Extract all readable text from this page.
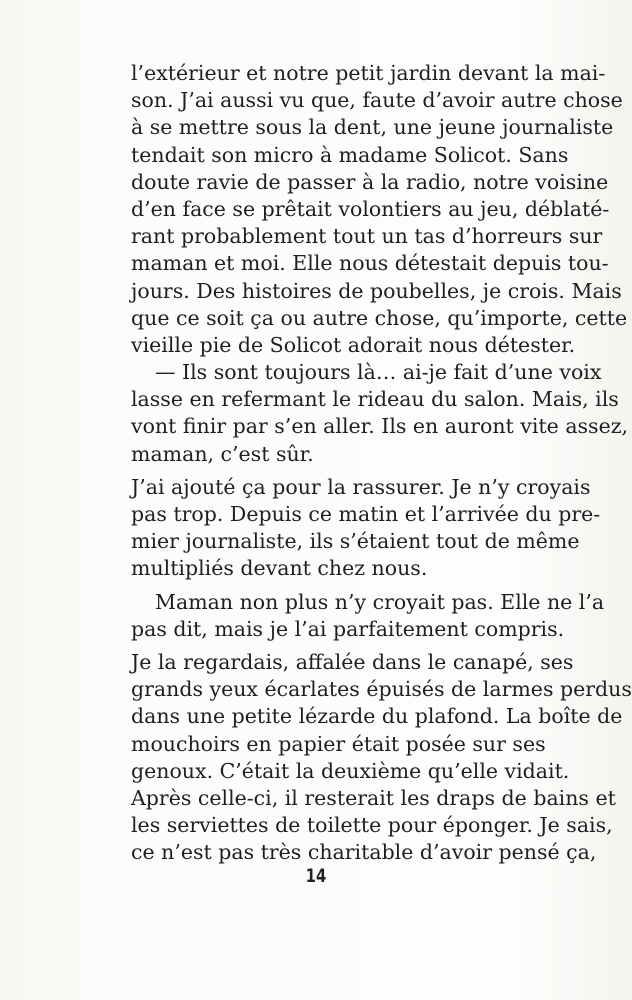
l’extérieur et notre petit jardin devant la mai-
son. J’ai aussi vu que, faute d’avoir autre chose
à se mettre sous la dent, une jeune journaliste
tendait son micro à madame Solicot. Sans
doute ravie de passer à la radio, notre voisine
d’en face se prêtait volontiers au jeu, déblaté-
rant probablement tout un tas d’horreurs sur
maman et moi. Elle nous détestait depuis tou-
jours. Des histoires de poubelles, je crois. Mais
que ce soit ça ou autre chose, qu’importe, cette
vieille pie de Solicot adorait nous détester.
— Ils sont toujours là… ai-je fait d’une voix
lasse en refermant le rideau du salon. Mais, ils
vont finir par s’en aller. Ils en auront vite assez,
maman, c’est sûr.
J’ai ajouté ça pour la rassurer. Je n’y croyais
pas trop. Depuis ce matin et l’arrivée du pre-
mier journaliste, ils s’étaient tout de même
multipliés devant chez nous.
Maman non plus n’y croyait pas. Elle ne l’a
pas dit, mais je l’ai parfaitement compris.
Je la regardais, affalée dans le canapé, ses
grands yeux écarlates épuisés de larmes perdus
dans une petite lézarde du plafond. La boîte de
mouchoirs en papier était posée sur ses
genoux. C’était la deuxième qu’elle vidait.
Après celle-ci, il resterait les draps de bains et
les serviettes de toilette pour éponger. Je sais,
ce n’est pas très charitable d’avoir pensé ça,
14
